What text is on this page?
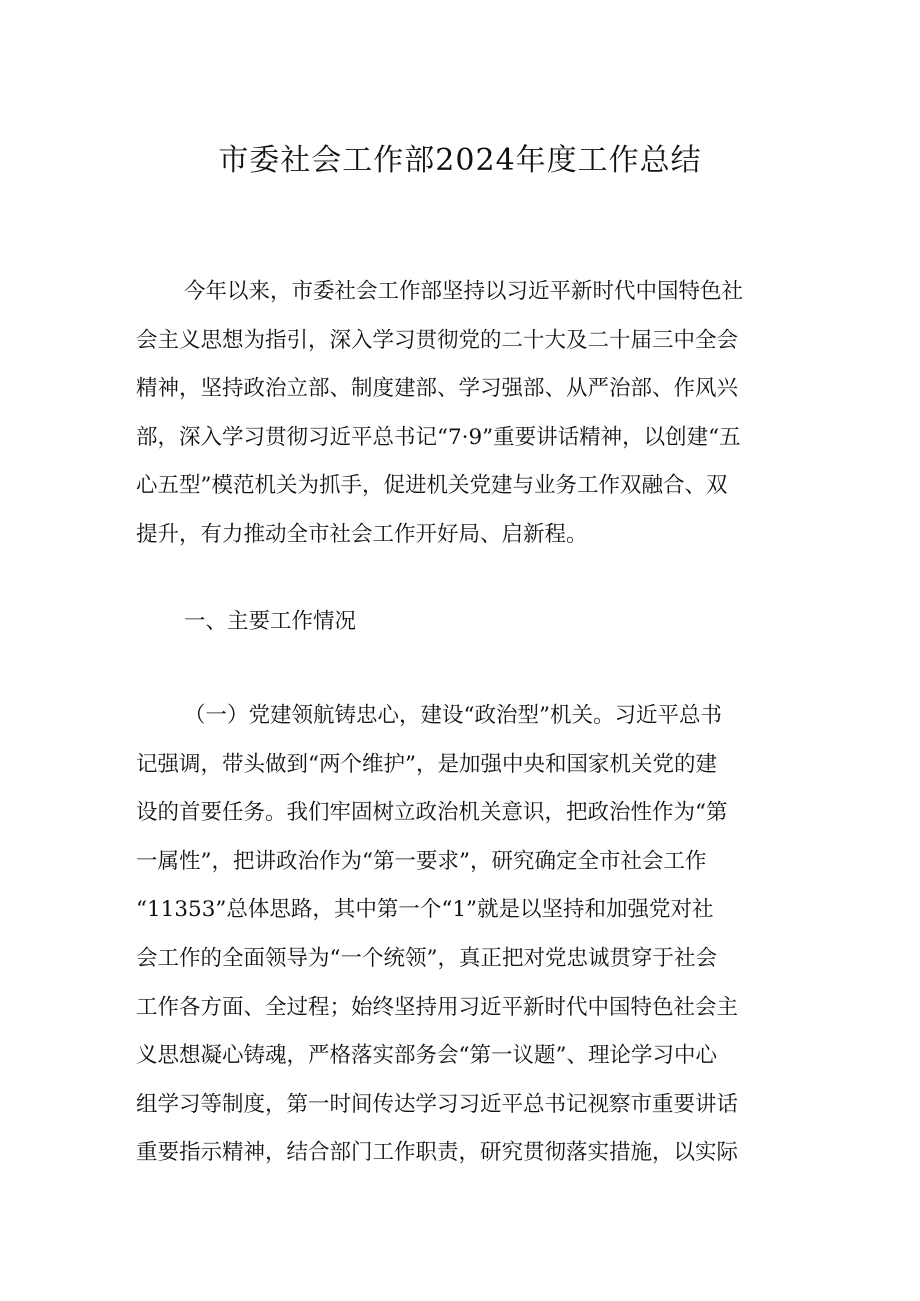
市委社会工作部2024年度工作总结
今年以来，市委社会工作部坚持以习近平新时代中国特色社
会主义思想为指引，深入学习贯彻党的二十大及二十届三中全会
精神，坚持政治立部、制度建部、学习强部、从严治部、作风兴
部，深入学习贯彻习近平总书记“7·9”重要讲话精神，以创建“五
心五型”模范机关为抓手，促进机关党建与业务工作双融合、双
提升，有力推动全市社会工作开好局、启新程。
一、主要工作情况
（一）党建领航铸忠心，建设“政治型”机关。习近平总书
记强调，带头做到“两个维护”，是加强中央和国家机关党的建
设的首要任务。我们牢固树立政治机关意识，把政治性作为“第
一属性”，把讲政治作为“第一要求”，研究确定全市社会工作
“11353”总体思路，其中第一个“1”就是以坚持和加强党对社
会工作的全面领导为“一个统领”，真正把对党忠诚贯穿于社会
工作各方面、全过程；始终坚持用习近平新时代中国特色社会主
义思想凝心铸魂，严格落实部务会“第一议题”、理论学习中心
组学习等制度，第一时间传达学习习近平总书记视察市重要讲话
重要指示精神，结合部门工作职责，研究贯彻落实措施，以实际
